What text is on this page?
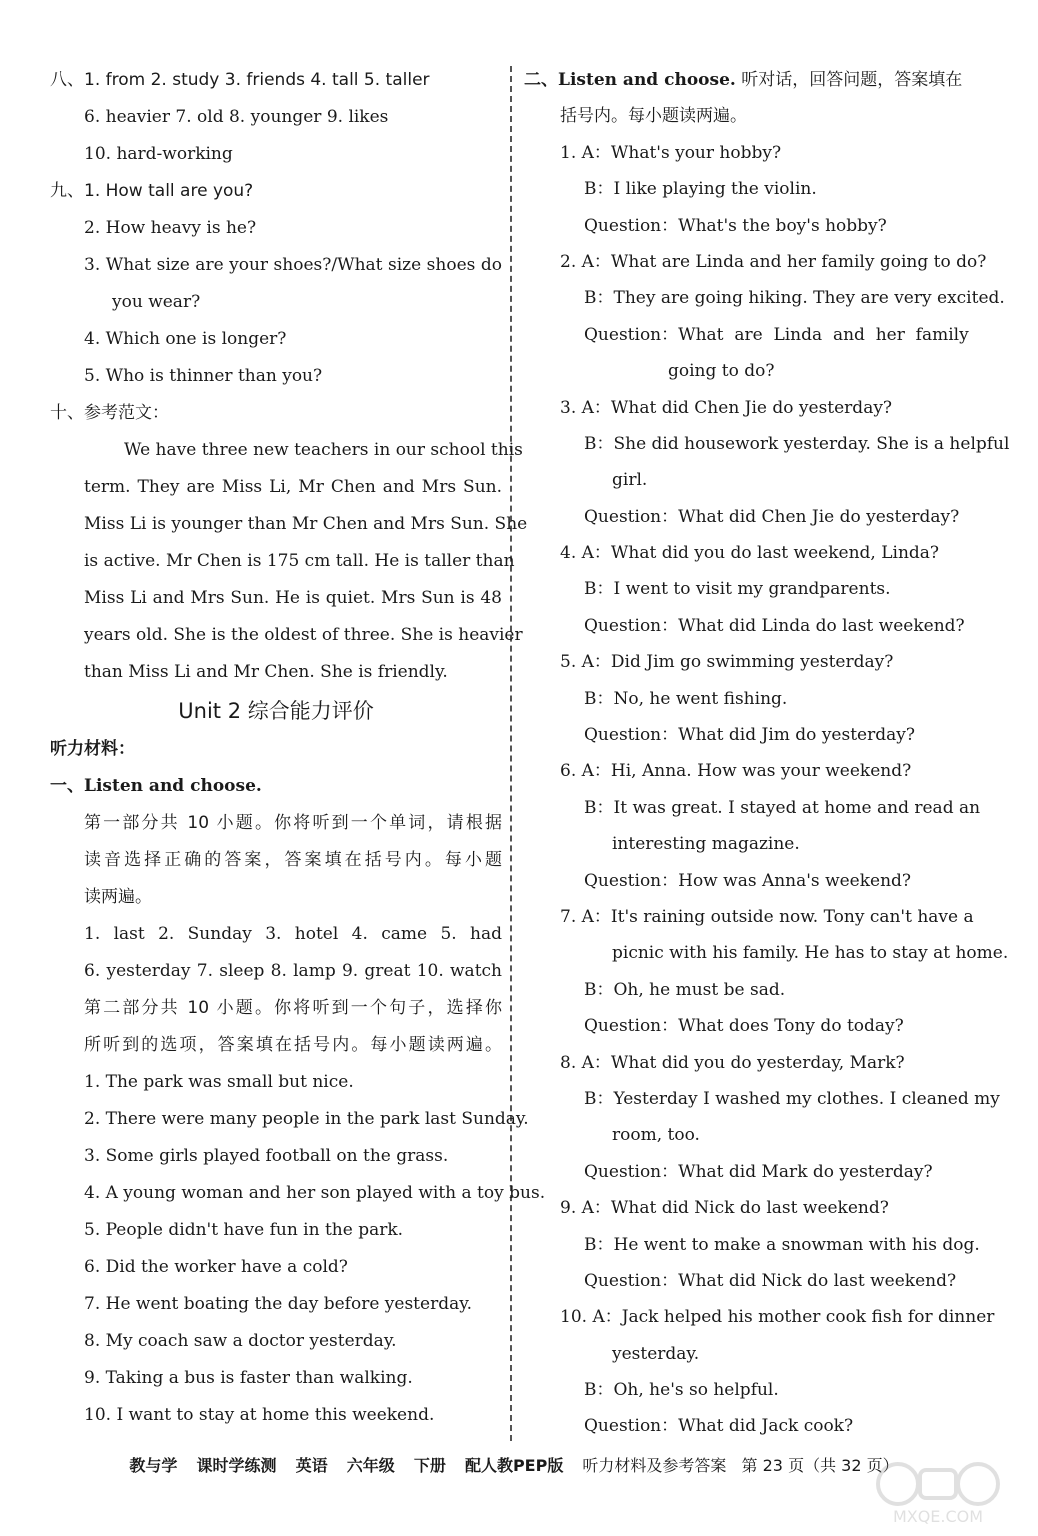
八、1. from 2. study 3. friends 4. tall 5. taller
6. heavier 7. old 8. younger 9. likes
10. hard-working
九、1. How tall are you?
2. How heavy is he?
3. What size are your shoes?/What size shoes do
you wear?
4. Which one is longer?
5. Who is thinner than you?
十、参考范文：
We have three new teachers in our school this
term. They are Miss Li, Mr Chen and Mrs Sun.
Miss Li is younger than Mr Chen and Mrs Sun. She
is active. Mr Chen is 175 cm tall. He is taller than
Miss Li and Mrs Sun. He is quiet. Mrs Sun is 48
years old. She is the oldest of three. She is heavier
than Miss Li and Mr Chen. She is friendly.
Unit 2 综合能力评价
听力材料：
一、Listen and choose.
第一部分共 10 小题。你将听到一个单词，请根据
读音选择正确的答案，答案填在括号内。每小题
读两遍。
1. last 2. Sunday 3. hotel 4. came 5. had
6. yesterday 7. sleep 8. lamp 9. great 10. watch
第二部分共 10 小题。你将听到一个句子，选择你
所听到的选项，答案填在括号内。每小题读两遍。
1. The park was small but nice.
2. There were many people in the park last Sunday.
3. Some girls played football on the grass.
4. A young woman and her son played with a toy bus.
5. People didn't have fun in the park.
6. Did the worker have a cold?
7. He went boating the day before yesterday.
8. My coach saw a doctor yesterday.
9. Taking a bus is faster than walking.
10. I want to stay at home this weekend.
二、Listen and choose. 听对话，回答问题，答案填在
括号内。每小题读两遍。
1. A：What's your hobby?
B：I like playing the violin.
Question：What's the boy's hobby?
2. A：What are Linda and her family going to do?
B：They are going hiking. They are very excited.
Question：What  are  Linda  and  her  family
going to do?
3. A：What did Chen Jie do yesterday?
B：She did housework yesterday. She is a helpful
girl.
Question：What did Chen Jie do yesterday?
4. A：What did you do last weekend, Linda?
B：I went to visit my grandparents.
Question：What did Linda do last weekend?
5. A：Did Jim go swimming yesterday?
B：No, he went fishing.
Question：What did Jim do yesterday?
6. A：Hi, Anna. How was your weekend?
B：It was great. I stayed at home and read an
interesting magazine.
Question：How was Anna's weekend?
7. A：It's raining outside now. Tony can't have a
picnic with his family. He has to stay at home.
B：Oh, he must be sad.
Question：What does Tony do today?
8. A：What did you do yesterday, Mark?
B：Yesterday I washed my clothes. I cleaned my
room, too.
Question：What did Mark do yesterday?
9. A：What did Nick do last weekend?
B：He went to make a snowman with his dog.
Question：What did Nick do last weekend?
10. A：Jack helped his mother cook fish for dinner
yesterday.
B：Oh, he's so helpful.
Question：What did Jack cook?
教与学 课时学练测 英语 六年级 下册 配人教PEP版 听力材料及参考答案 第 23 页（共 32 页）
MXQE.COM
